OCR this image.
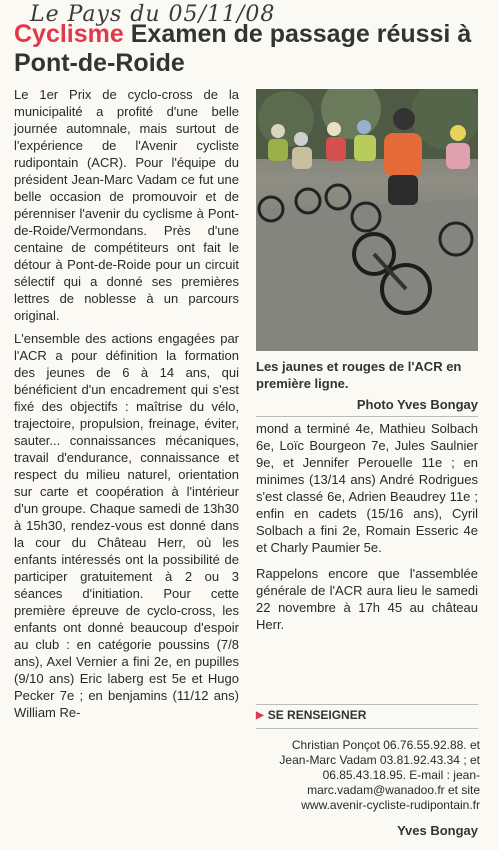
Le Pays du 05/11/08
Cyclisme Examen de passage réussi à Pont-de-Roide

Le 1er Prix de cyclo-cross de la municipalité a profité d'une belle journée automnale, mais surtout de l'expérience de l'Avenir cycliste rudipontain (ACR). Pour l'équipe du président Jean-Marc Vadam ce fut une belle occasion de promouvoir et de pérenniser l'avenir du cyclisme à Pont-de-Roide/Vermondans. Près d'une centaine de compétiteurs ont fait le détour à Pont-de-Roide pour un circuit sélectif qui a donné ses premières lettres de noblesse à un parcours original.

L'ensemble des actions engagées par l'ACR a pour définition la formation des jeunes de 6 à 14 ans, qui bénéficient d'un encadrement qui s'est fixé des objectifs : maîtrise du vélo, trajectoire, propulsion, freinage, éviter, sauter... connaissances mécaniques, travail d'endurance, connaissance et respect du milieu naturel, orientation sur carte et coopération à l'intérieur d'un groupe. Chaque samedi de 13h30 à 15h30, rendez-vous est donné dans la cour du Château Herr, où les enfants intéressés ont la possibilité de participer gratuitement à 2 ou 3 séances d'initiation. Pour cette première épreuve de cyclo-cross, les enfants ont donné beaucoup d'espoir au club : en catégorie poussins (7/8 ans), Axel Vernier a fini 2e, en pupilles (9/10 ans) Eric laberg est 5e et Hugo Pecker 7e ; en benjamins (11/12 ans) William Re-

Les jaunes et rouges de l'ACR en première ligne.
Photo Yves Bongay

mond a terminé 4e, Mathieu Solbach 6e, Loïc Bourgeon 7e, Jules Saulnier 9e, et Jennifer Perouelle 11e ; en minimes (13/14 ans) André Rodrigues s'est classé 6e, Adrien Beaudrey 11e ; enfin en cadets (15/16 ans), Cyril Solbach a fini 2e, Romain Esseric 4e et Charly Paumier 5e.

Rappelons encore que l'assemblée générale de l'ACR aura lieu le samedi 22 novembre à 17h 45 au château Herr.

▶ SE RENSEIGNER
Christian Ponçot 06.76.55.92.88. et Jean-Marc Vadam 03.81.92.43.34 ; et 06.85.43.18.95. E-mail : jean-marc.vadam@wanadoo.fr et site www.avenir-cycliste-rudipontain.fr
Yves Bongay
